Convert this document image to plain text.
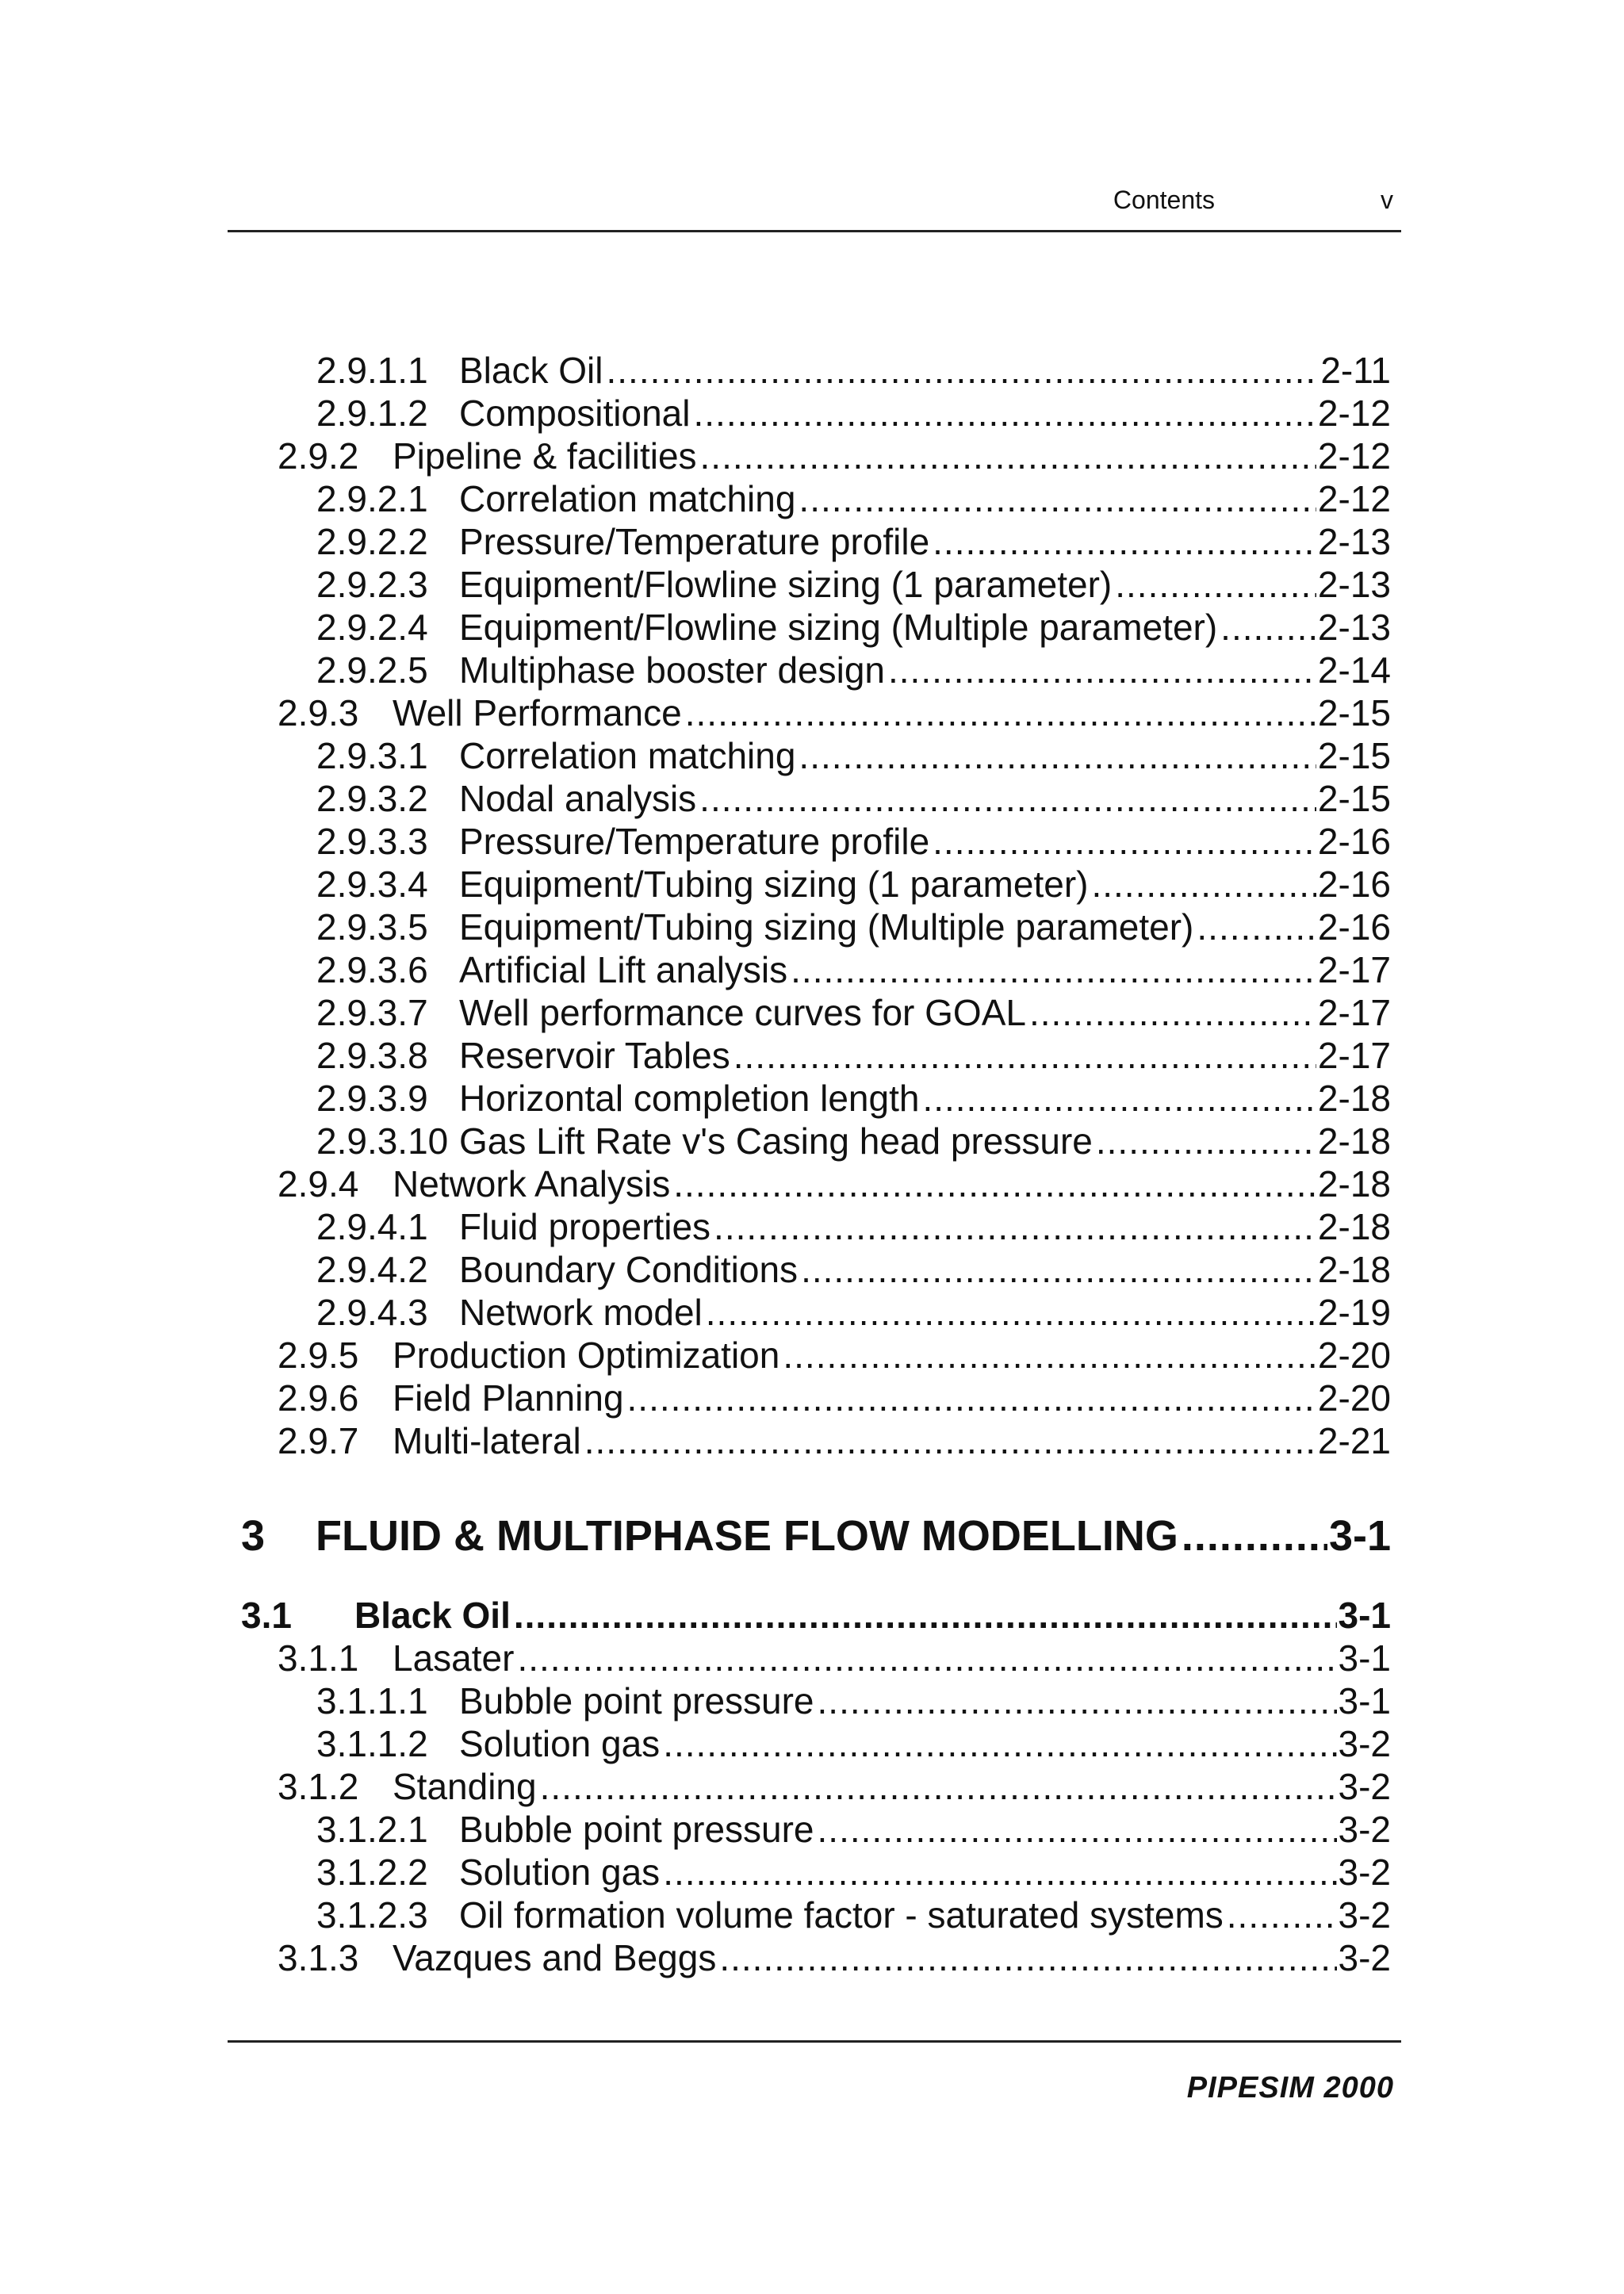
Contents	v
2.9.1.1 Black Oil .....	2-11
2.9.1.2 Compositional .....	2-12
2.9.2 Pipeline & facilities .....	2-12
2.9.2.1 Correlation matching .....	2-12
2.9.2.2 Pressure/Temperature profile .....	2-13
2.9.2.3 Equipment/Flowline sizing (1 parameter) .....	2-13
2.9.2.4 Equipment/Flowline sizing (Multiple parameter) .....	2-13
2.9.2.5 Multiphase booster design .....	2-14
2.9.3 Well Performance .....	2-15
2.9.3.1 Correlation matching .....	2-15
2.9.3.2 Nodal analysis .....	2-15
2.9.3.3 Pressure/Temperature profile .....	2-16
2.9.3.4 Equipment/Tubing sizing (1 parameter) .....	2-16
2.9.3.5 Equipment/Tubing sizing (Multiple parameter) .....	2-16
2.9.3.6 Artificial Lift analysis .....	2-17
2.9.3.7 Well performance curves for GOAL .....	2-17
2.9.3.8 Reservoir Tables .....	2-17
2.9.3.9 Horizontal completion length .....	2-18
2.9.3.10 Gas Lift Rate v's Casing head pressure .....	2-18
2.9.4 Network Analysis .....	2-18
2.9.4.1 Fluid properties .....	2-18
2.9.4.2 Boundary Conditions .....	2-18
2.9.4.3 Network model .....	2-19
2.9.5 Production Optimization .....	2-20
2.9.6 Field Planning .....	2-20
2.9.7 Multi-lateral .....	2-21
3	FLUID & MULTIPHASE FLOW MODELLING .....	3-1
3.1	Black Oil .....	3-1
3.1.1 Lasater .....	3-1
3.1.1.1 Bubble point pressure .....	3-1
3.1.1.2 Solution gas .....	3-2
3.1.2 Standing .....	3-2
3.1.2.1 Bubble point pressure .....	3-2
3.1.2.2 Solution gas .....	3-2
3.1.2.3 Oil formation volume factor - saturated systems .....	3-2
3.1.3 Vazques and Beggs .....	3-2
PIPESIM 2000
